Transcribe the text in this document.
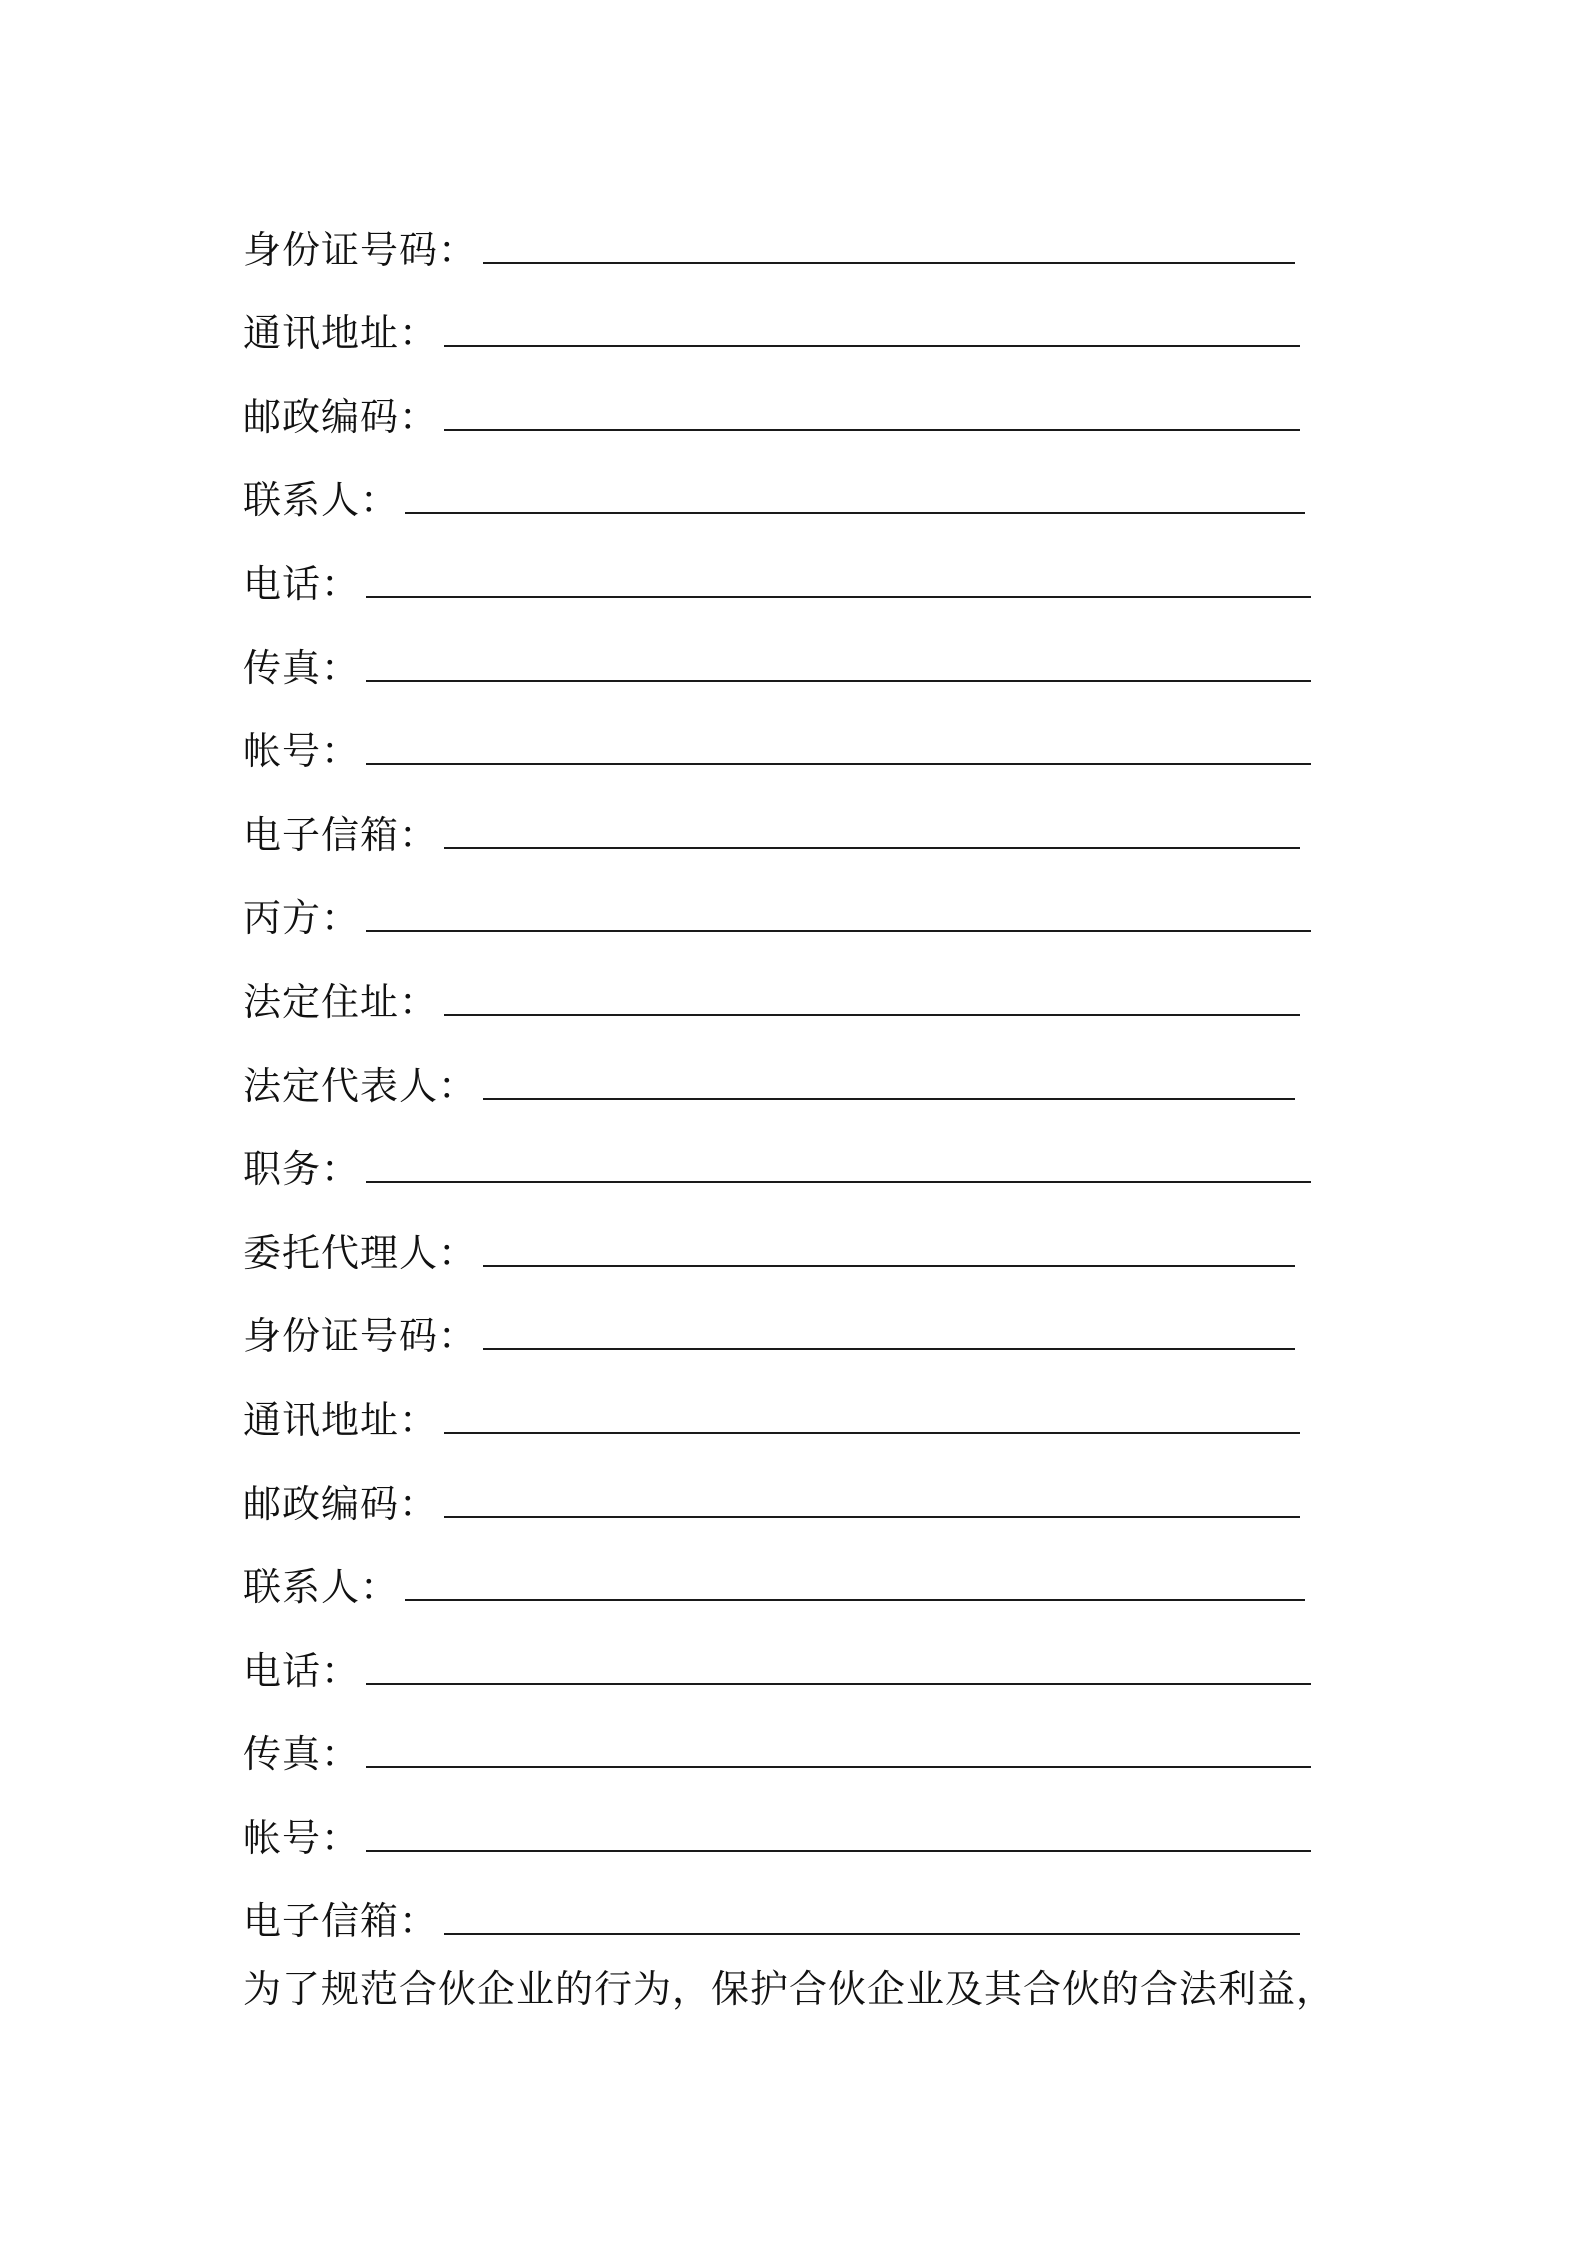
身份证号码：
通讯地址：
邮政编码：
联系人：
电话：
传真：
帐号：
电子信箱：
丙方：
法定住址：
法定代表人：
职务：
委托代理人：
身份证号码：
通讯地址：
邮政编码：
联系人：
电话：
传真：
帐号：
电子信箱：

为了规范合伙企业的行为，保护合伙企业及其合伙的合法利益，
